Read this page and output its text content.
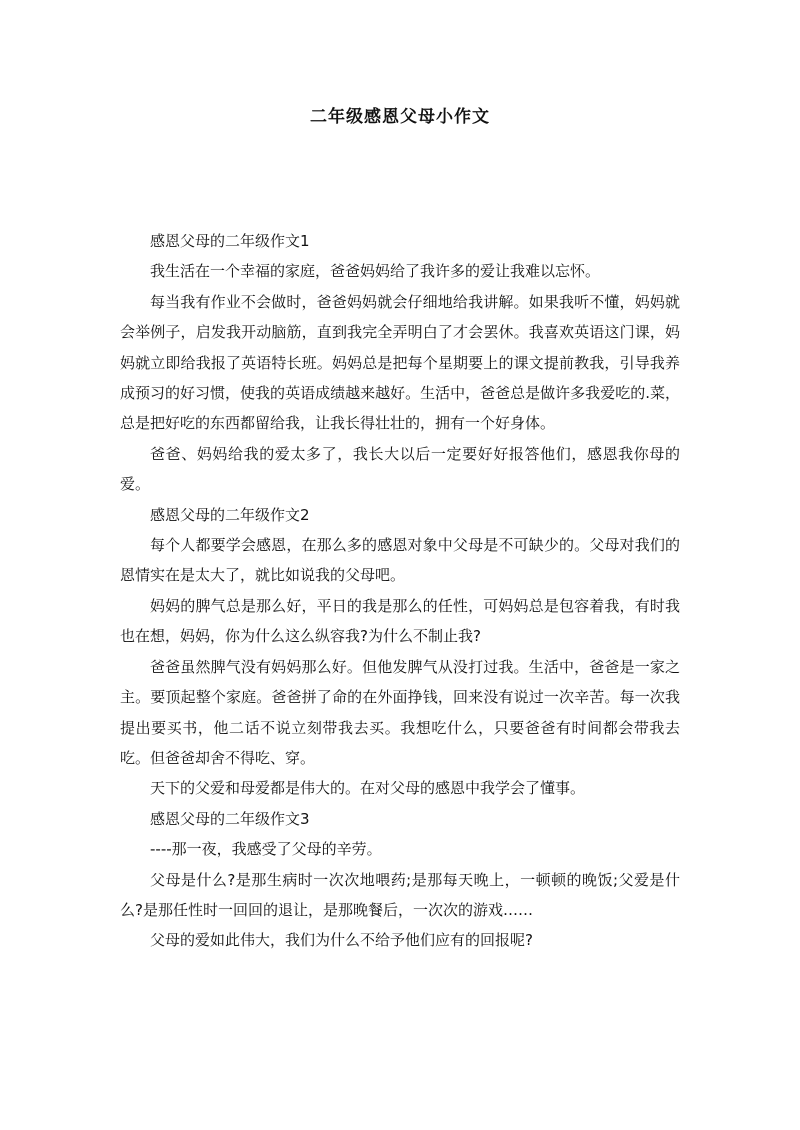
二年级感恩父母小作文

感恩父母的二年级作文1

我生活在一个幸福的家庭，爸爸妈妈给了我许多的爱让我难以忘怀。

每当我有作业不会做时，爸爸妈妈就会仔细地给我讲解。如果我听不懂，妈妈就会举例子，启发我开动脑筋，直到我完全弄明白了才会罢休。我喜欢英语这门课，妈妈就立即给我报了英语特长班。妈妈总是把每个星期要上的课文提前教我，引导我养成预习的好习惯，使我的英语成绩越来越好。生活中，爸爸总是做许多我爱吃的.菜，总是把好吃的东西都留给我，让我长得壮壮的，拥有一个好身体。

爸爸、妈妈给我的爱太多了，我长大以后一定要好好报答他们，感恩我你母的爱。

感恩父母的二年级作文2

每个人都要学会感恩，在那么多的感恩对象中父母是不可缺少的。父母对我们的恩情实在是太大了，就比如说我的父母吧。

妈妈的脾气总是那么好，平日的我是那么的任性，可妈妈总是包容着我，有时我也在想，妈妈，你为什么这么纵容我?为什么不制止我?

爸爸虽然脾气没有妈妈那么好。但他发脾气从没打过我。生活中，爸爸是一家之主。要顶起整个家庭。爸爸拼了命的在外面挣钱，回来没有说过一次辛苦。每一次我提出要买书，他二话不说立刻带我去买。我想吃什么，只要爸爸有时间都会带我去吃。但爸爸却舍不得吃、穿。

天下的父爱和母爱都是伟大的。在对父母的感恩中我学会了懂事。

感恩父母的二年级作文3

----那一夜，我感受了父母的辛劳。

父母是什么?是那生病时一次次地喂药;是那每天晚上，一顿顿的晚饭;父爱是什么?是那任性时一回回的退让，是那晚餐后，一次次的游戏……

父母的爱如此伟大，我们为什么不给予他们应有的回报呢?
